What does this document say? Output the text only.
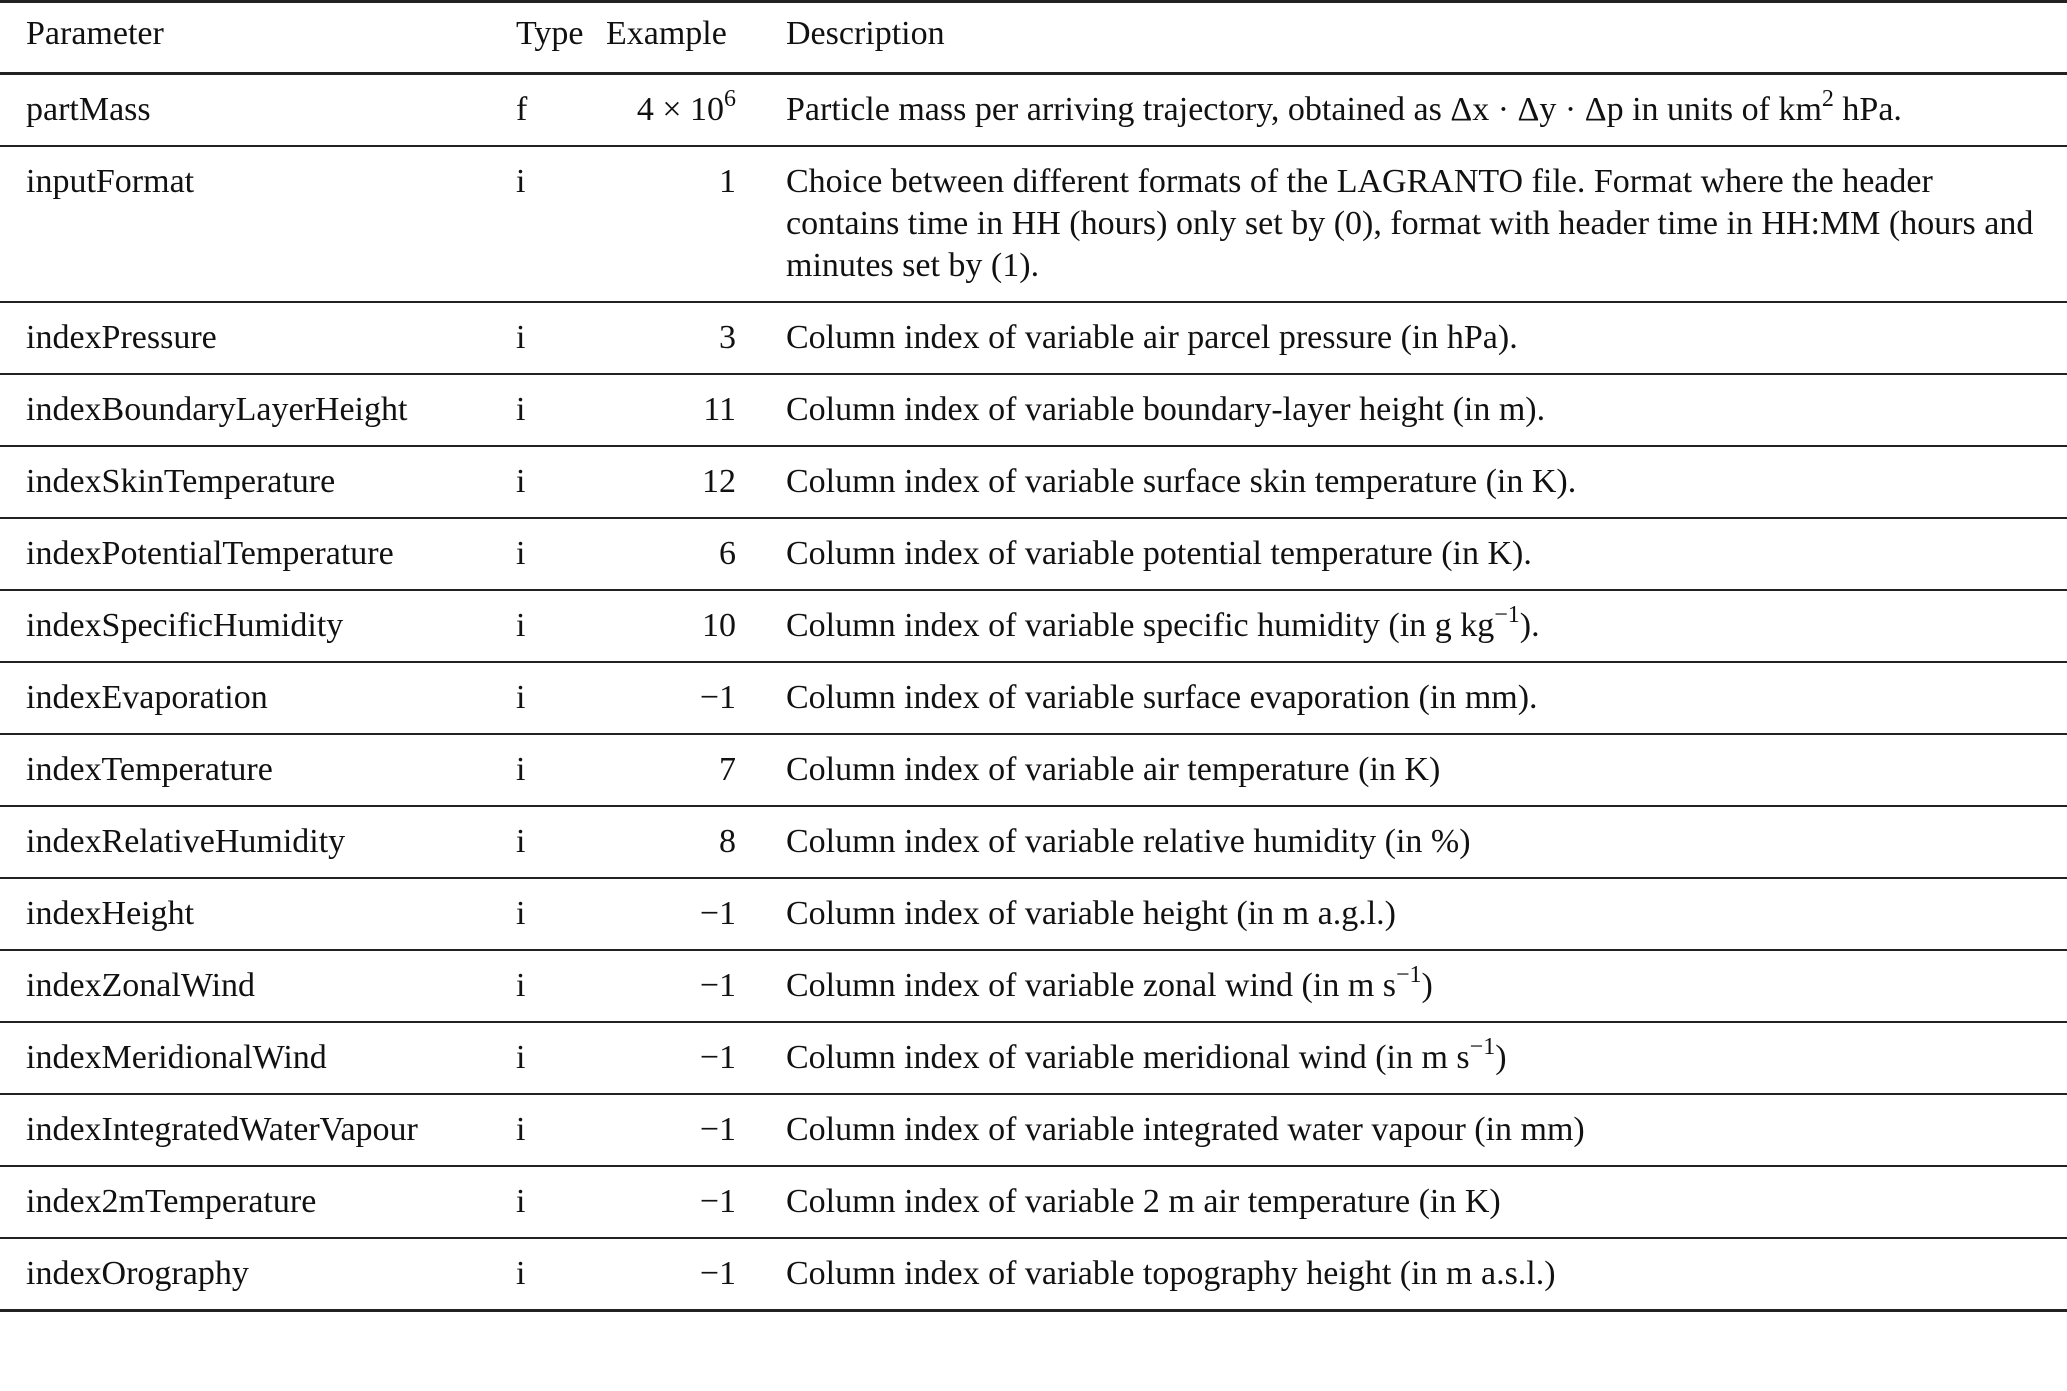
Parameter	Type	Example	Description
partMass	f	$4 \times 10^6$	Particle mass per arriving trajectory, obtained as Δx · Δy · Δp in units of $km^2$ hPa.
inputFormat	i	1	Choice between different formats of the LAGRANTO file. Format where the header contains time in HH (hours) only set by (0), format with header time in HH:MM (hours and minutes set by (1).
indexPressure	i	3	Column index of variable air parcel pressure (in hPa).
indexBoundaryLayerHeight	i	11	Column index of variable boundary-layer height (in m).
indexSkinTemperature	i	12	Column index of variable surface skin temperature (in K).
indexPotentialTemperature	i	6	Column index of variable potential temperature (in K).
indexSpecificHumidity	i	10	Column index of variable specific humidity (in g $kg^{-1}$).
indexEvaporation	i	−1	Column index of variable surface evaporation (in mm).
indexTemperature	i	7	Column index of variable air temperature (in K)
indexRelativeHumidity	i	8	Column index of variable relative humidity (in %)
indexHeight	i	−1	Column index of variable height (in m a.g.l.)
indexZonalWind	i	−1	Column index of variable zonal wind (in m $s^{-1}$)
indexMeridionalWind	i	−1	Column index of variable meridional wind (in m $s^{-1}$)
indexIntegratedWaterVapour	i	−1	Column index of variable integrated water vapour (in mm)
index2mTemperature	i	−1	Column index of variable 2 m air temperature (in K)
indexOrography	i	−1	Column index of variable topography height (in m a.s.l.)
